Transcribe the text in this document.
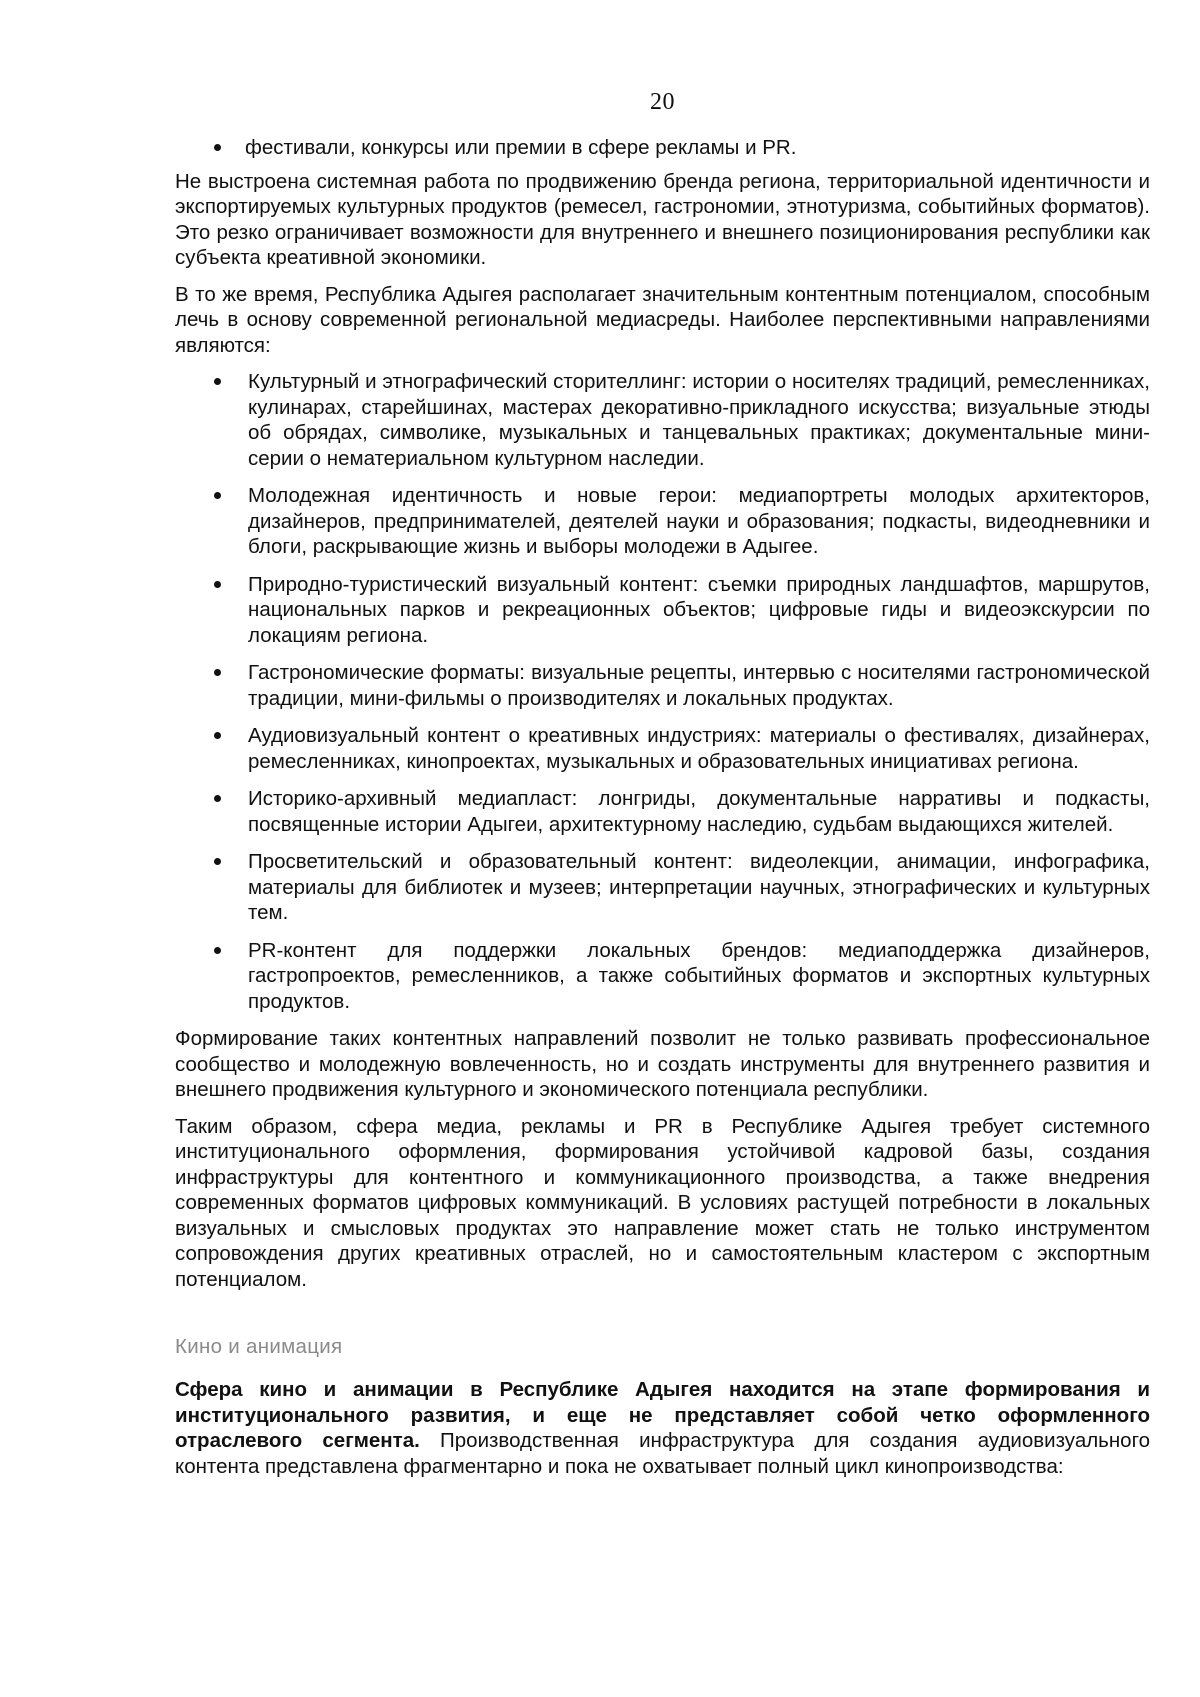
20
фестивали, конкурсы или премии в сфере рекламы и PR.

Не выстроена системная работа по продвижению бренда региона, территориальной идентичности и экспортируемых культурных продуктов (ремесел, гастрономии, этнотуризма, событийных форматов). Это резко ограничивает возможности для внутреннего и внешнего позиционирования республики как субъекта креативной экономики.

В то же время, Республика Адыгея располагает значительным контентным потенциалом, способным лечь в основу современной региональной медиасреды. Наиболее перспективными направлениями являются:

Культурный и этнографический сторителлинг: истории о носителях традиций, ремесленниках, кулинарах, старейшинах, мастерах декоративно-прикладного искусства; визуальные этюды об обрядах, символике, музыкальных и танцевальных практиках; документальные мини-серии о нематериальном культурном наследии.
Молодежная идентичность и новые герои: медиапортреты молодых архитекторов, дизайнеров, предпринимателей, деятелей науки и образования; подкасты, видеодневники и блоги, раскрывающие жизнь и выборы молодежи в Адыгее.
Природно-туристический визуальный контент: съемки природных ландшафтов, маршрутов, национальных парков и рекреационных объектов; цифровые гиды и видеоэкскурсии по локациям региона.
Гастрономические форматы: визуальные рецепты, интервью с носителями гастрономической традиции, мини-фильмы о производителях и локальных продуктах.
Аудиовизуальный контент о креативных индустриях: материалы о фестивалях, дизайнерах, ремесленниках, кинопроектах, музыкальных и образовательных инициативах региона.
Историко-архивный медиапласт: лонгриды, документальные нарративы и подкасты, посвященные истории Адыгеи, архитектурному наследию, судьбам выдающихся жителей.
Просветительский и образовательный контент: видеолекции, анимации, инфографика, материалы для библиотек и музеев; интерпретации научных, этнографических и культурных тем.
PR-контент для поддержки локальных брендов: медиаподдержка дизайнеров, гастропроектов, ремесленников, а также событийных форматов и экспортных культурных продуктов.

Формирование таких контентных направлений позволит не только развивать профессиональное сообщество и молодежную вовлеченность, но и создать инструменты для внутреннего развития и внешнего продвижения культурного и экономического потенциала республики.

Таким образом, сфера медиа, рекламы и PR в Республике Адыгея требует системного институционального оформления, формирования устойчивой кадровой базы, создания инфраструктуры для контентного и коммуникационного производства, а также внедрения современных форматов цифровых коммуникаций. В условиях растущей потребности в локальных визуальных и смысловых продуктах это направление может стать не только инструментом сопровождения других креативных отраслей, но и самостоятельным кластером с экспортным потенциалом.

Кино и анимация

Сфера кино и анимации в Республике Адыгея находится на этапе формирования и институционального развития, и еще не представляет собой четко оформленного отраслевого сегмента. Производственная инфраструктура для создания аудиовизуального контента представлена фрагментарно и пока не охватывает полный цикл кинопроизводства:
